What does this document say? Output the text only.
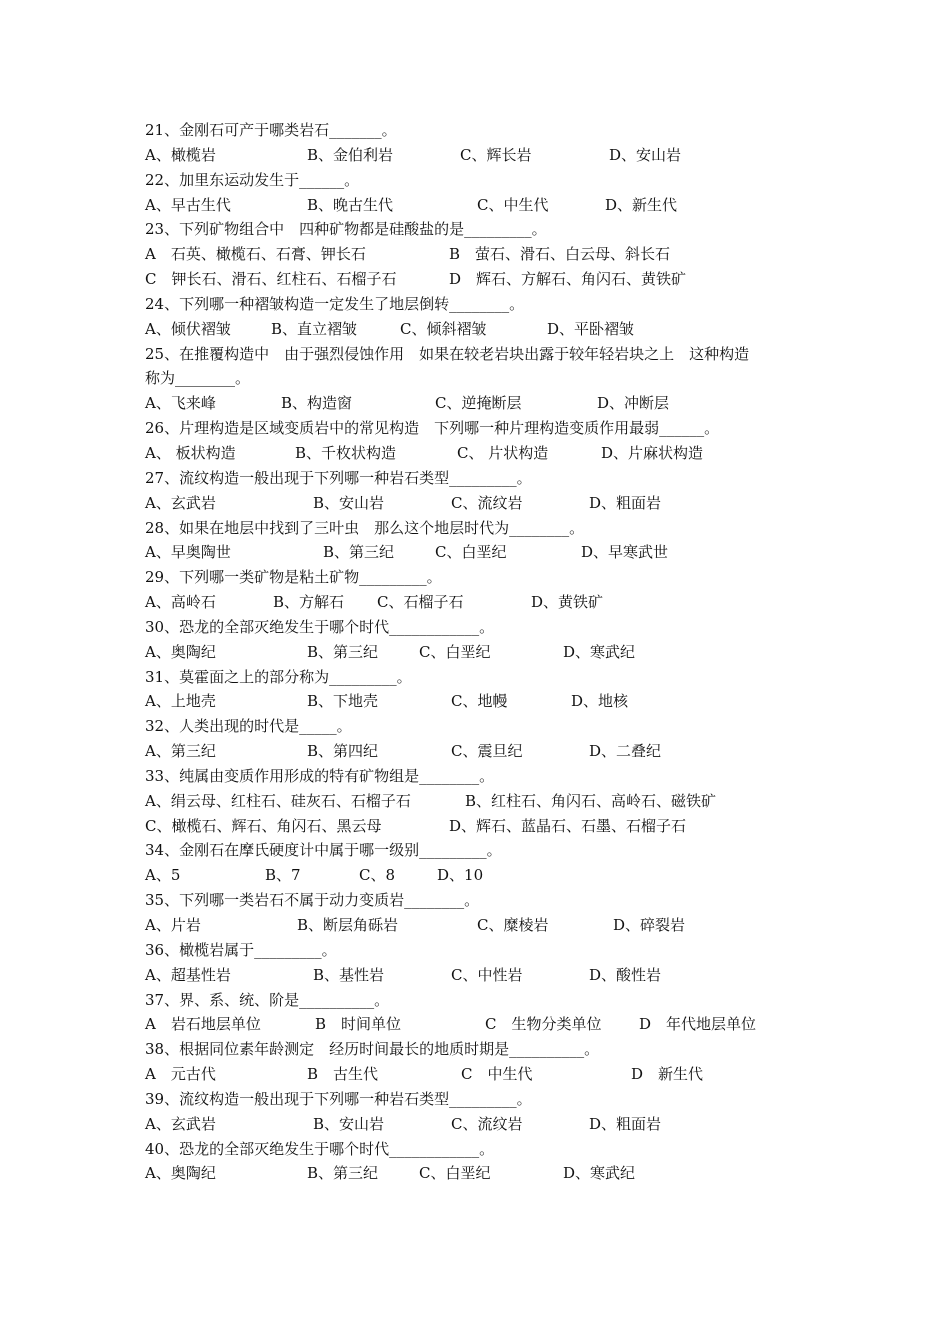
21、金刚石可产于哪类岩石_______。
A、橄榄岩	B、金伯利岩	C、辉长岩	D、安山岩
22、加里东运动发生于______。
A、早古生代	B、晚古生代	C、中生代	D、新生代
23、下列矿物组合中　四种矿物都是硅酸盐的是_________。
A　石英、橄榄石、石膏、钾长石	B　萤石、滑石、白云母、斜长石
C　钾长石、滑石、红柱石、石榴子石	D　辉石、方解石、角闪石、黄铁矿
24、下列哪一种褶皱构造一定发生了地层倒转________。
A、倾伏褶皱	B、直立褶皱	C、倾斜褶皱	D、平卧褶皱
25、在推覆构造中　由于强烈侵蚀作用　如果在较老岩块出露于较年轻岩块之上　这种构造
称为________。
A、飞来峰	B、构造窗	C、逆掩断层	D、冲断层
26、片理构造是区域变质岩中的常见构造　下列哪一种片理构造变质作用最弱______。
A、 板状构造	B、千枚状构造	C、 片状构造	D、片麻状构造
27、流纹构造一般出现于下列哪一种岩石类型_________。
A、玄武岩	B、安山岩	C、流纹岩	D、粗面岩
28、如果在地层中找到了三叶虫　那么这个地层时代为________。
A、早奥陶世	B、第三纪	C、白垩纪	D、早寒武世
29、下列哪一类矿物是粘土矿物_________。
A、高岭石	B、方解石 C、石榴子石	D、黄铁矿
30、恐龙的全部灭绝发生于哪个时代____________。
A、奥陶纪	B、第三纪	C、白垩纪	D、寒武纪
31、莫霍面之上的部分称为_________。
A、上地壳	B、下地壳	C、地幔	D、地核
32、人类出现的时代是_____。
A、第三纪	B、第四纪	C、震旦纪	D、二叠纪
33、纯属由变质作用形成的特有矿物组是________。
A、绢云母、红柱石、硅灰石、石榴子石	B、红柱石、角闪石、高岭石、磁铁矿
C、橄榄石、辉石、角闪石、黑云母	D、辉石、蓝晶石、石墨、石榴子石
34、金刚石在摩氏硬度计中属于哪一级别_________。
A、5	B、7	C、8	D、10
35、下列哪一类岩石不属于动力变质岩________。
A、片岩	B、断层角砾岩	C、糜棱岩	D、碎裂岩
36、橄榄岩属于_________。
A、超基性岩	B、基性岩	C、中性岩	D、酸性岩
37、界、系、统、阶是__________。
A　岩石地层单位	B　时间单位	C　生物分类单位	D　年代地层单位
38、根据同位素年龄测定　经历时间最长的地质时期是__________。
A　元古代	B　古生代	C　中生代	D　新生代
39、流纹构造一般出现于下列哪一种岩石类型_________。
A、玄武岩	B、安山岩	C、流纹岩	D、粗面岩
40、恐龙的全部灭绝发生于哪个时代____________。
A、奥陶纪	B、第三纪	C、白垩纪	D、寒武纪
